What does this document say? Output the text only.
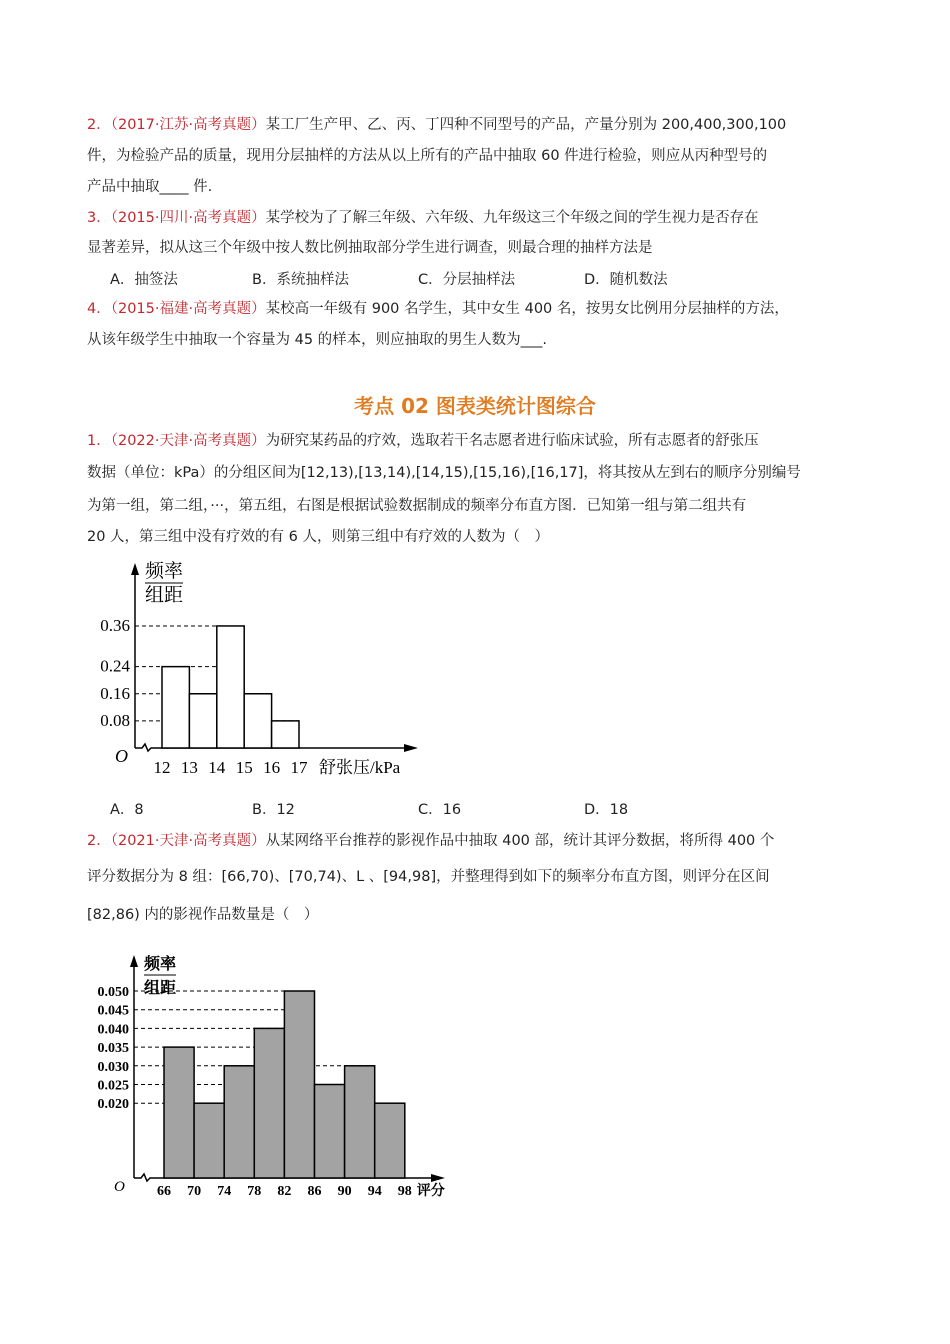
2．（2017·江苏·高考真题）某工厂生产甲、乙、丙、丁四种不同型号的产品，产量分别为 200,400,300,100
件，为检验产品的质量，现用分层抽样的方法从以上所有的产品中抽取 60 件进行检验，则应从丙种型号的
产品中抽取____ 件.
3．（2015·四川·高考真题）某学校为了了解三年级、六年级、九年级这三个年级之间的学生视力是否存在
显著差异，拟从这三个年级中按人数比例抽取部分学生进行调查，则最合理的抽样方法是
A．抽签法	B．系统抽样法	C．分层抽样法	D．随机数法
4．（2015·福建·高考真题）某校高一年级有 900 名学生，其中女生 400 名，按男女比例用分层抽样的方法，
从该年级学生中抽取一个容量为 45 的样本，则应抽取的男生人数为___.
考点 02 图表类统计图综合
1．（2022·天津·高考真题）为研究某药品的疗效，选取若干名志愿者进行临床试验，所有志愿者的舒张压
数据（单位：kPa）的分组区间为[12,13),[13,14),[14,15),[15,16),[16,17]，将其按从左到右的顺序分别编号
为第一组，第二组，···，第五组，右图是根据试验数据制成的频率分布直方图．已知第一组与第二组共有
20 人，第三组中没有疗效的有 6 人，则第三组中有疗效的人数为（　）
A．8	B．12	C．16	D．18
2．（2021·天津·高考真题）从某网络平台推荐的影视作品中抽取 400 部，统计其评分数据，将所得 400 个
评分数据分为 8 组：[66,70)、[70,74)、L 、[94,98]，并整理得到如下的频率分布直方图，则评分在区间
[82,86) 内的影视作品数量是（　）
频率
组距
0.08
0.16
0.24
0.36
12 13 14 15 16 17 舒张压/kPa
O
频率
组距
0.020
0.025
0.030
0.035
0.040
0.045
0.050
66 70 74 78 82 86 90 94 98 评分
O
